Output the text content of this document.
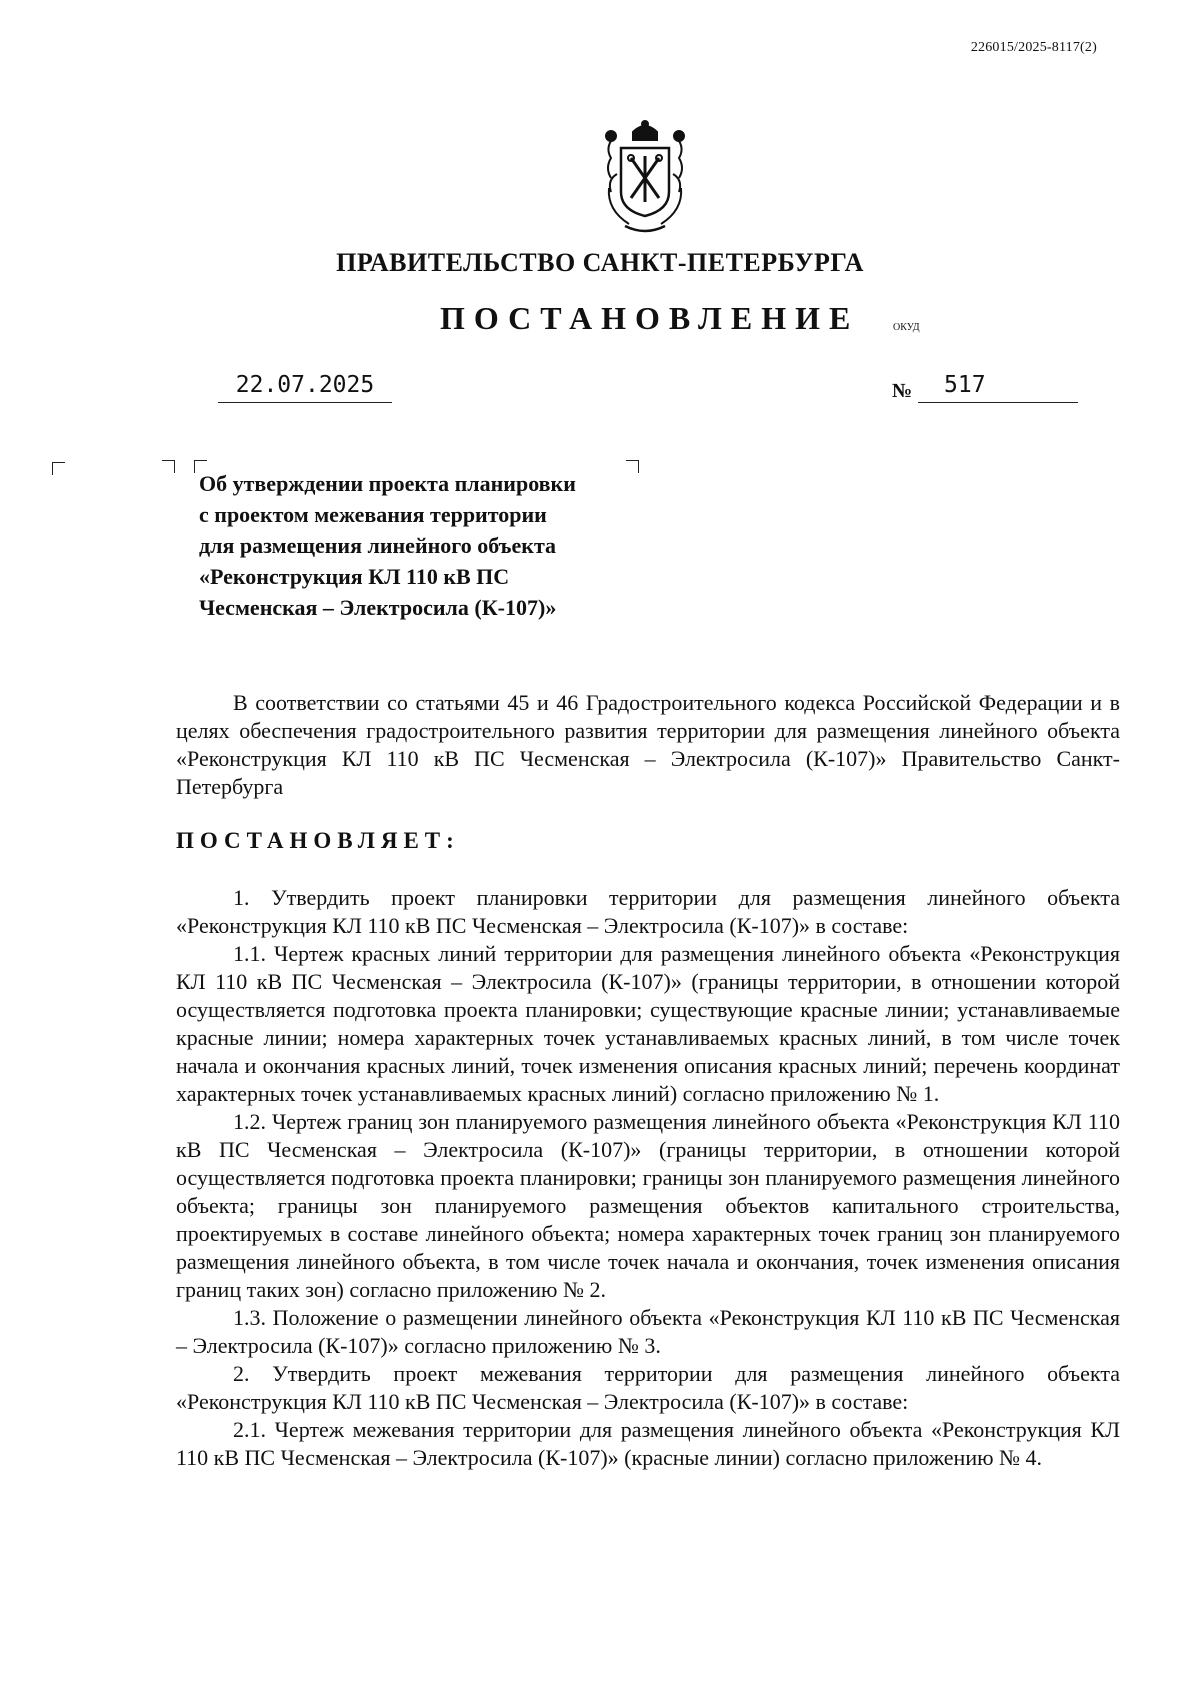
226015/2025-8117(2)
ПРАВИТЕЛЬСТВО САНКТ-ПЕТЕРБУРГА
ПОСТАНОВЛЕНИЕ	ОКУД
22.07.2025	№ 517
Об утверждении проекта планировки
с проектом межевания территории
для размещения линейного объекта
«Реконструкция КЛ 110 кВ ПС
Чесменская – Электросила (К-107)»

В соответствии со статьями 45 и 46 Градостроительного кодекса Российской Федерации и в целях обеспечения градостроительного развития территории для размещения линейного объекта «Реконструкция КЛ 110 кВ ПС Чесменская – Электросила (К-107)» Правительство Санкт-Петербурга

ПОСТАНОВЛЯЕТ:

1. Утвердить проект планировки территории для размещения линейного объекта «Реконструкция КЛ 110 кВ ПС Чесменская – Электросила (К-107)» в составе:

1.1. Чертеж красных линий территории для размещения линейного объекта «Реконструкция КЛ 110 кВ ПС Чесменская – Электросила (К-107)» (границы территории, в отношении которой осуществляется подготовка проекта планировки; существующие красные линии; устанавливаемые красные линии; номера характерных точек устанавливаемых красных линий, в том числе точек начала и окончания красных линий, точек изменения описания красных линий; перечень координат характерных точек устанавливаемых красных линий) согласно приложению № 1.

1.2. Чертеж границ зон планируемого размещения линейного объекта «Реконструкция КЛ 110 кВ ПС Чесменская – Электросила (К-107)» (границы территории, в отношении которой осуществляется подготовка проекта планировки; границы зон планируемого размещения линейного объекта; границы зон планируемого размещения объектов капитального строительства, проектируемых в составе линейного объекта; номера характерных точек границ зон планируемого размещения линейного объекта, в том числе точек начала и окончания, точек изменения описания границ таких зон) согласно приложению № 2.

1.3. Положение о размещении линейного объекта «Реконструкция КЛ 110 кВ ПС Чесменская – Электросила (К-107)» согласно приложению № 3.

2. Утвердить проект межевания территории для размещения линейного объекта «Реконструкция КЛ 110 кВ ПС Чесменская – Электросила (К-107)» в составе:

2.1. Чертеж межевания территории для размещения линейного объекта «Реконструкция КЛ 110 кВ ПС Чесменская – Электросила (К-107)» (красные линии) согласно приложению № 4.
